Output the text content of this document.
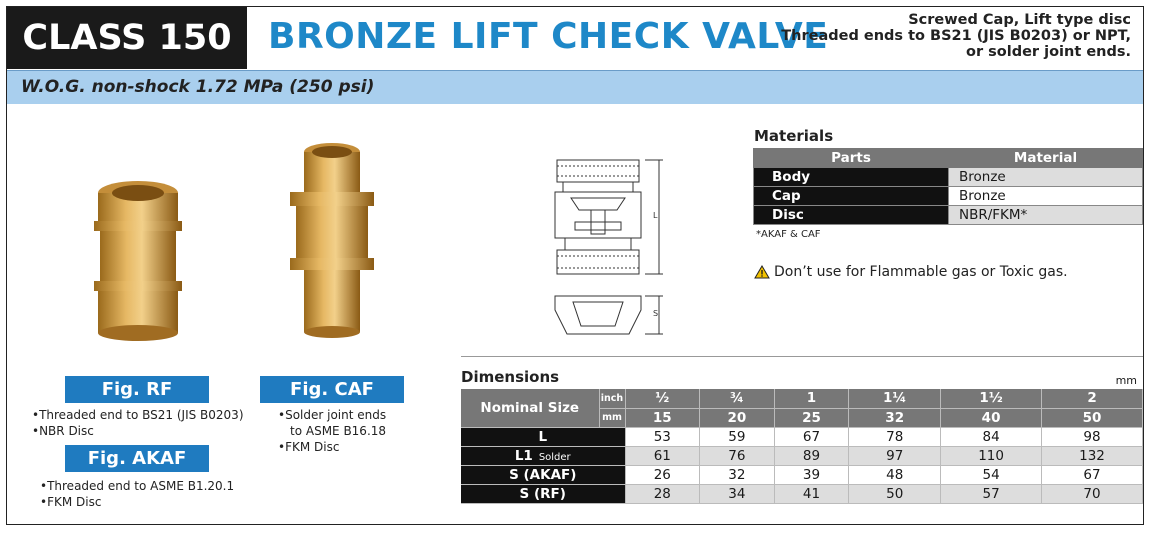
CLASS 150	BRONZE LIFT CHECK VALVE	Screwed Cap, Lift type disc
Threaded ends to BS21 (JIS B0203) or NPT,
or solder joint ends.
W.O.G. non-shock 1.72 MPa (250 psi)
Fig. RF
• Threaded end to BS21 (JIS B0203)
• NBR Disc
Fig. AKAF
• Threaded end to ASME B1.20.1
• FKM Disc
Fig. CAF
• Solder joint ends
to ASME B16.18
• FKM Disc
L
S
Materials
Parts	Material
Body	Bronze
Cap	Bronze
Disc	NBR/FKM*
*AKAF & CAF
Don’t use for Flammable gas or Toxic gas.
Dimensions	mm
Nominal Size	inch	½	¾	1	1¼	1½	2
	mm	15	20	25	32	40	50
L		53	59	67	78	84	98
L1 Solder		61	76	89	97	110	132
S (AKAF)		26	32	39	48	54	67
S (RF)		28	34	41	50	57	70
